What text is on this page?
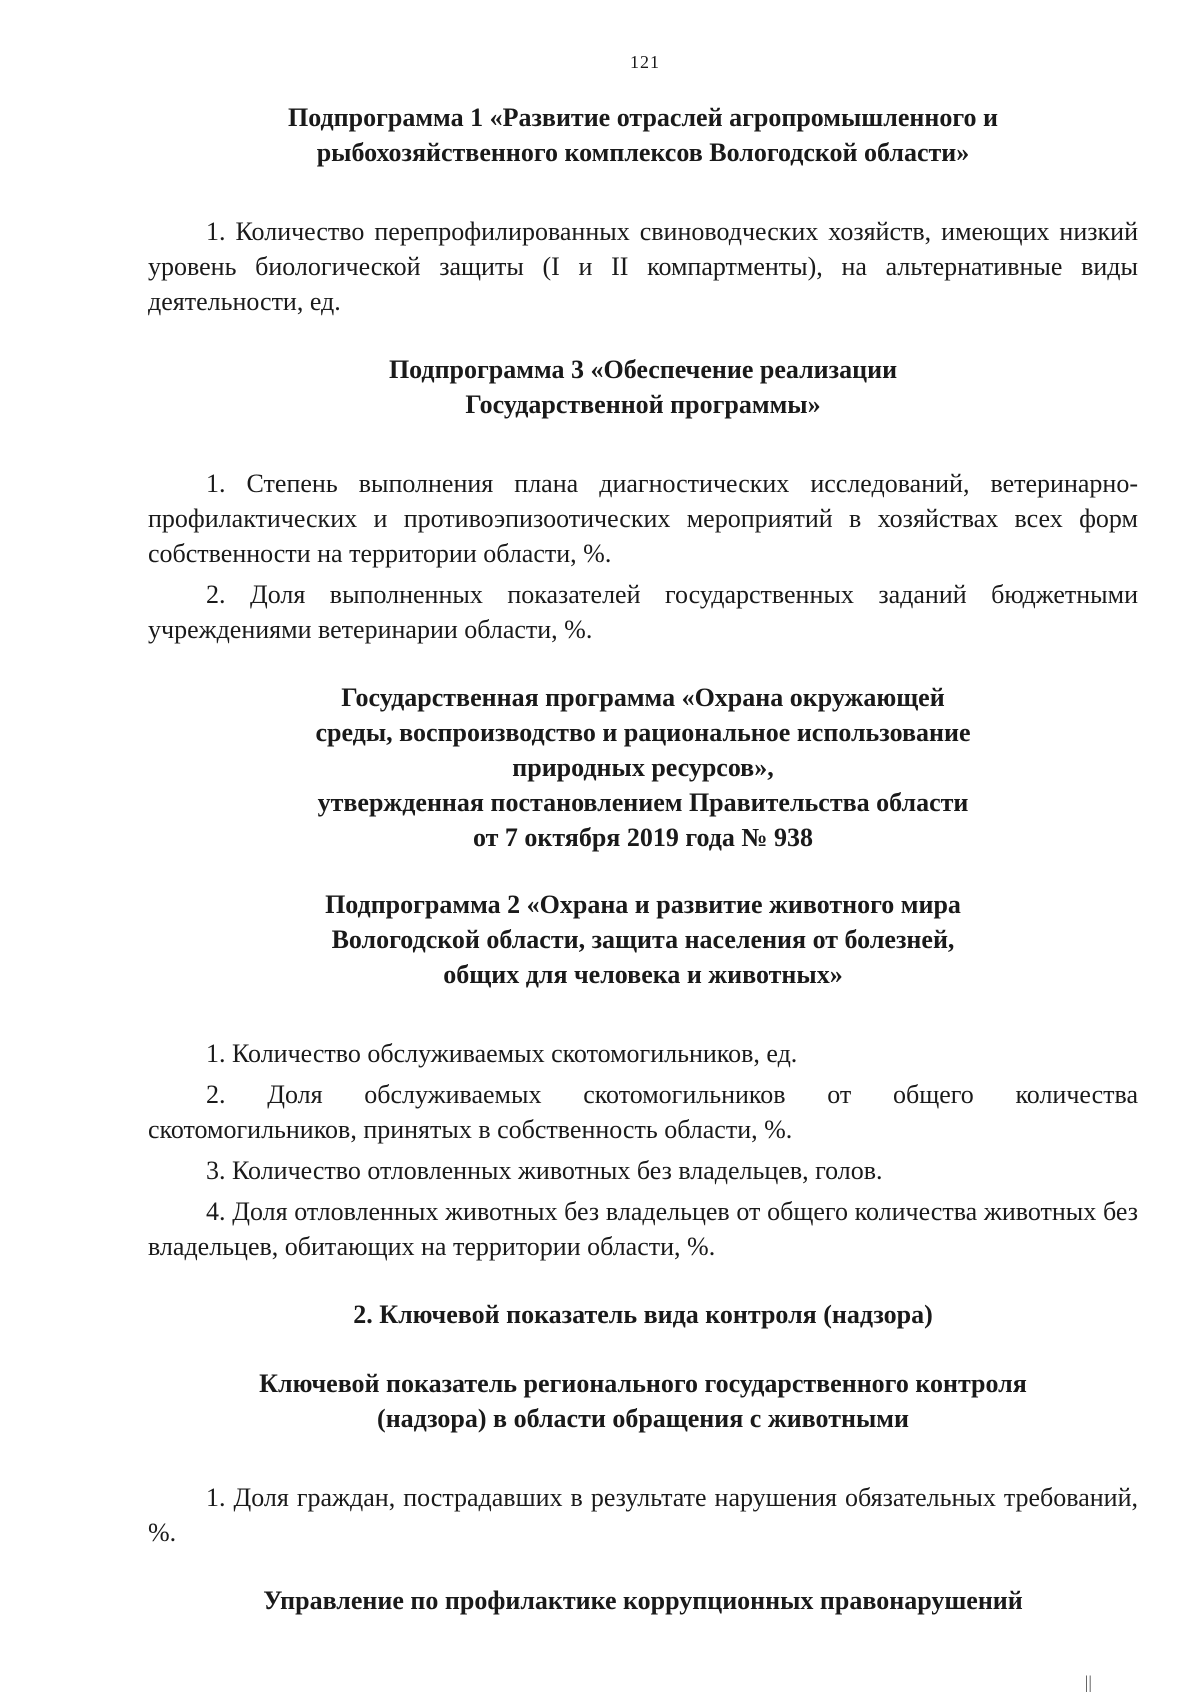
121

Подпрограмма 1 «Развитие отраслей агропромышленного и рыбохозяйственного комплексов Вологодской области»

1. Количество перепрофилированных свиноводческих хозяйств, имеющих низкий уровень биологической защиты (I и II компартменты), на альтернативные виды деятельности, ед.

Подпрограмма 3 «Обеспечение реализации Государственной программы»

1. Степень выполнения плана диагностических исследований, ветеринарно-профилактических и противоэпизоотических мероприятий в хозяйствах всех форм собственности на территории области, %.

2. Доля выполненных показателей государственных заданий бюджетными учреждениями ветеринарии области, %.

Государственная программа «Охрана окружающей

среды, воспроизводство и рациональное использование

природных ресурсов»,

утвержденная постановлением Правительства области

от 7 октября 2019 года № 938

Подпрограмма 2 «Охрана и развитие животного мира

Вологодской области, защита населения от болезней,

общих для человека и животных»

1. Количество обслуживаемых скотомогильников, ед.

2. Доля обслуживаемых скотомогильников от общего количества скотомогильников, принятых в собственность области, %.

3. Количество отловленных животных без владельцев, голов.

4. Доля отловленных животных без владельцев от общего количества животных без владельцев, обитающих на территории области, %.

2. Ключевой показатель вида контроля (надзора)

Ключевой показатель регионального государственного контроля

(надзора) в области обращения с животными

1. Доля граждан, пострадавших в результате нарушения обязательных требований, %.

Управление по профилактике коррупционных правонарушений

||
